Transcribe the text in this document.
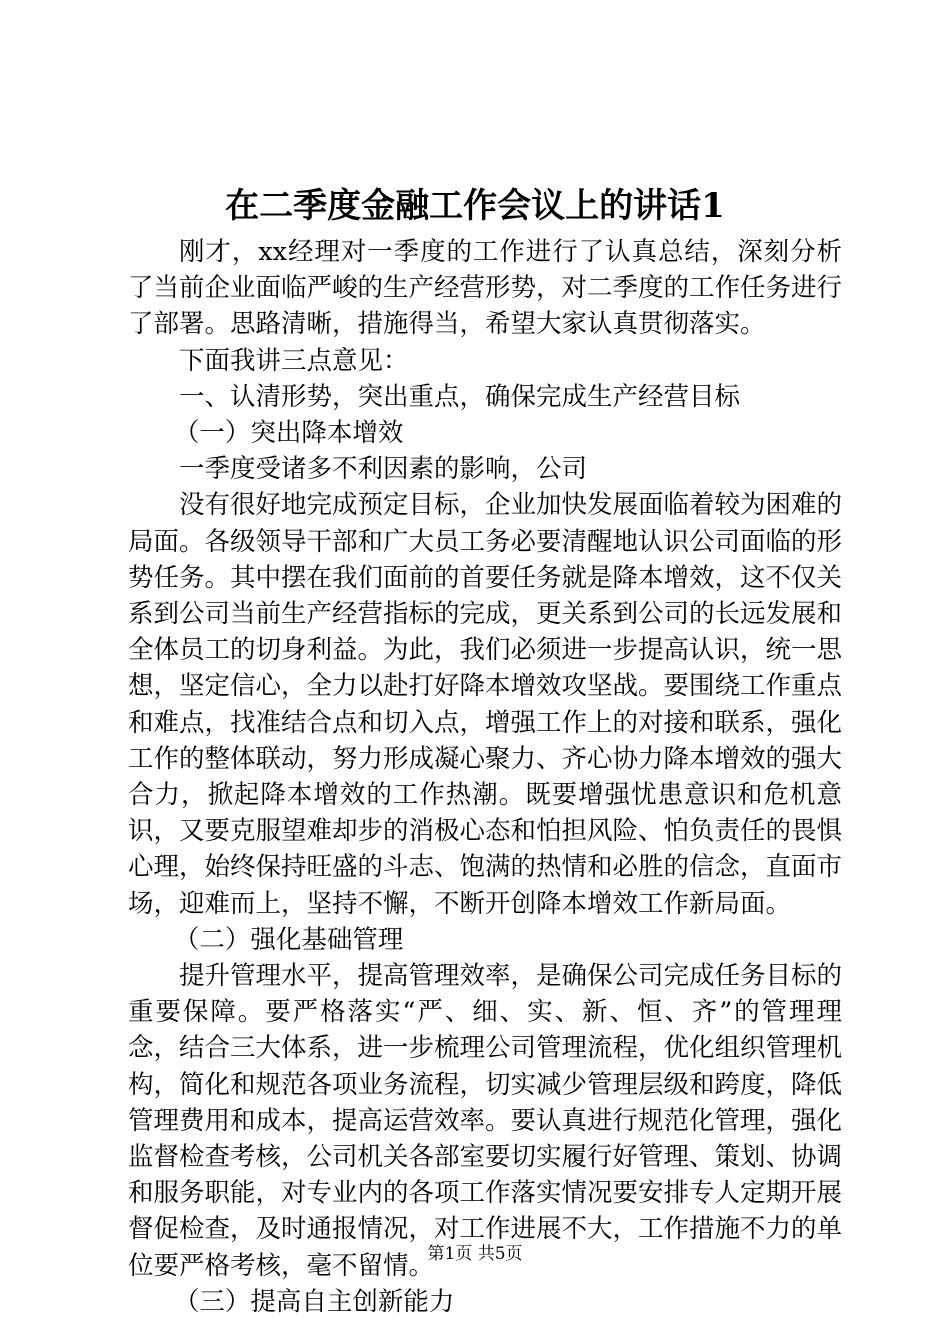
在二季度金融工作会议上的讲话1

刚才，xx经理对一季度的工作进行了认真总结，深刻分析了当前企业面临严峻的生产经营形势，对二季度的工作任务进行了部署。思路清晰，措施得当，希望大家认真贯彻落实。

下面我讲三点意见：

一、认清形势，突出重点，确保完成生产经营目标

（一）突出降本增效

一季度受诸多不利因素的影响，公司

没有很好地完成预定目标，企业加快发展面临着较为困难的局面。各级领导干部和广大员工务必要清醒地认识公司面临的形势任务。其中摆在我们面前的首要任务就是降本增效，这不仅关系到公司当前生产经营指标的完成，更关系到公司的长远发展和全体员工的切身利益。为此，我们必须进一步提高认识，统一思想，坚定信心，全力以赴打好降本增效攻坚战。要围绕工作重点和难点，找准结合点和切入点，增强工作上的对接和联系，强化工作的整体联动，努力形成凝心聚力、齐心协力降本增效的强大合力，掀起降本增效的工作热潮。既要增强忧患意识和危机意识，又要克服望难却步的消极心态和怕担风险、怕负责任的畏惧心理，始终保持旺盛的斗志、饱满的热情和必胜的信念，直面市场，迎难而上，坚持不懈，不断开创降本增效工作新局面。

（二）强化基础管理

提升管理水平，提高管理效率，是确保公司完成任务目标的重要保障。要严格落实“严、细、实、新、恒、齐”的管理理念，结合三大体系，进一步梳理公司管理流程，优化组织管理机构，简化和规范各项业务流程，切实减少管理层级和跨度，降低管理费用和成本，提高运营效率。要认真进行规范化管理，强化监督检查考核，公司机关各部室要切实履行好管理、策划、协调和服务职能，对专业内的各项工作落实情况要安排专人定期开展督促检查，及时通报情况，对工作进展不大，工作措施不力的单位要严格考核，毫不留情。

（三）提高自主创新能力

第1页 共5页
